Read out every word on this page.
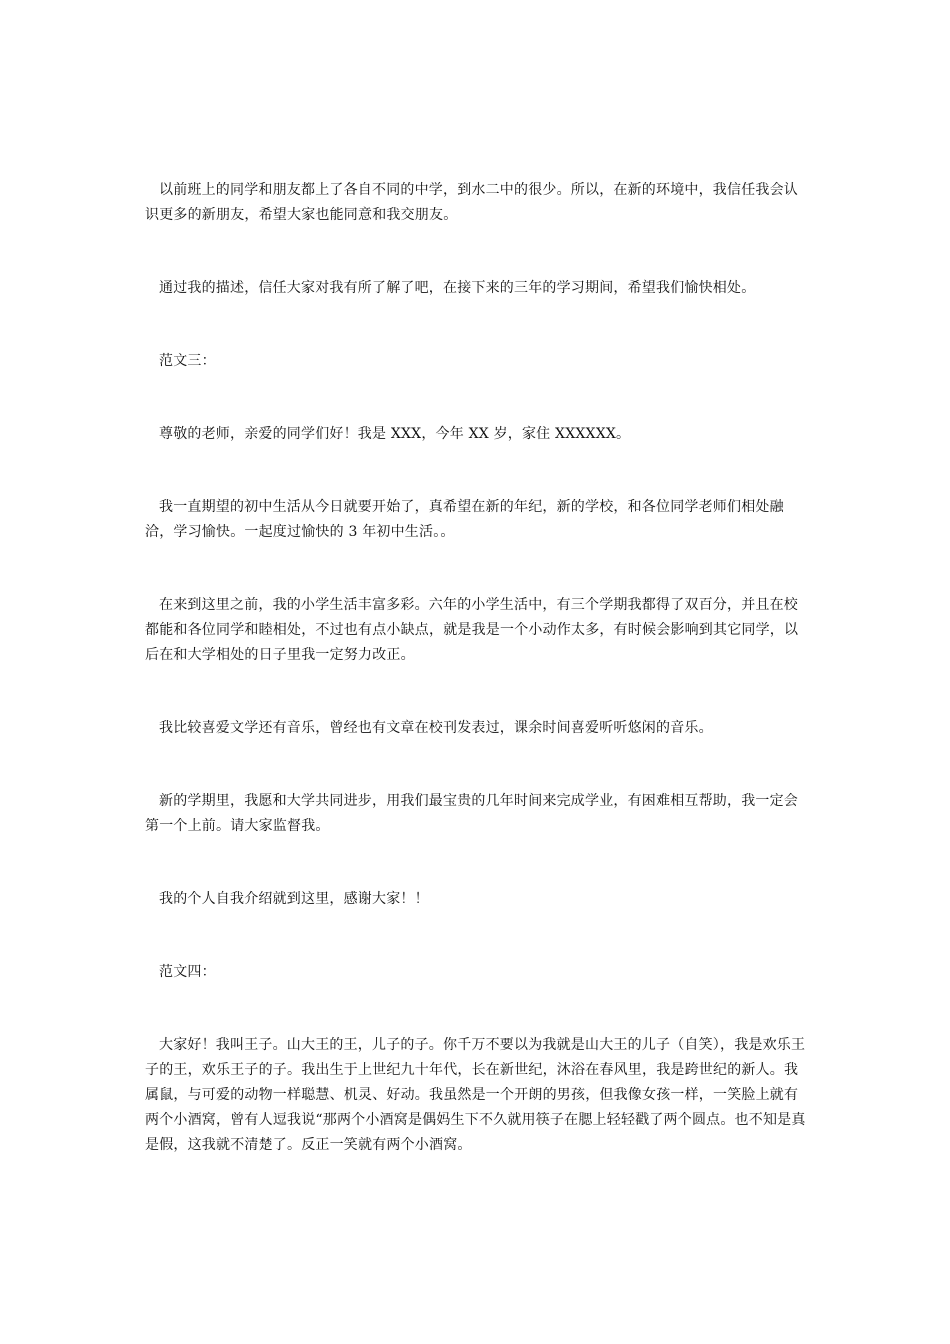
以前班上的同学和朋友都上了各自不同的中学，到水二中的很少。所以，在新的环境中，我信任我会认识更多的新朋友，希望大家也能同意和我交朋友。

通过我的描述，信任大家对我有所了解了吧，在接下来的三年的学习期间，希望我们愉快相处。

范文三：

尊敬的老师，亲爱的同学们好！我是 XXX，今年 XX 岁，家住 XXXXXX。

我一直期望的初中生活从今日就要开始了，真希望在新的年纪，新的学校，和各位同学老师们相处融洽，学习愉快。一起度过愉快的 3 年初中生活。。

在来到这里之前，我的小学生活丰富多彩。六年的小学生活中，有三个学期我都得了双百分，并且在校都能和各位同学和睦相处，不过也有点小缺点，就是我是一个小动作太多，有时候会影响到其它同学，以后在和大学相处的日子里我一定努力改正。

我比较喜爱文学还有音乐，曾经也有文章在校刊发表过，课余时间喜爱听听悠闲的音乐。

新的学期里，我愿和大学共同进步，用我们最宝贵的几年时间来完成学业，有困难相互帮助，我一定会第一个上前。请大家监督我。

我的个人自我介绍就到这里，感谢大家！！

范文四：

大家好！我叫王子。山大王的王，儿子的子。你千万不要以为我就是山大王的儿子（自笑），我是欢乐王子的王，欢乐王子的子。我出生于上世纪九十年代，长在新世纪，沐浴在春风里，我是跨世纪的新人。我属鼠，与可爱的动物一样聪慧、机灵、好动。我虽然是一个开朗的男孩，但我像女孩一样，一笑脸上就有两个小酒窝，曾有人逗我说“那两个小酒窝是偶妈生下不久就用筷子在腮上轻轻戳了两个圆点。也不知是真是假，这我就不清楚了。反正一笑就有两个小酒窝。
